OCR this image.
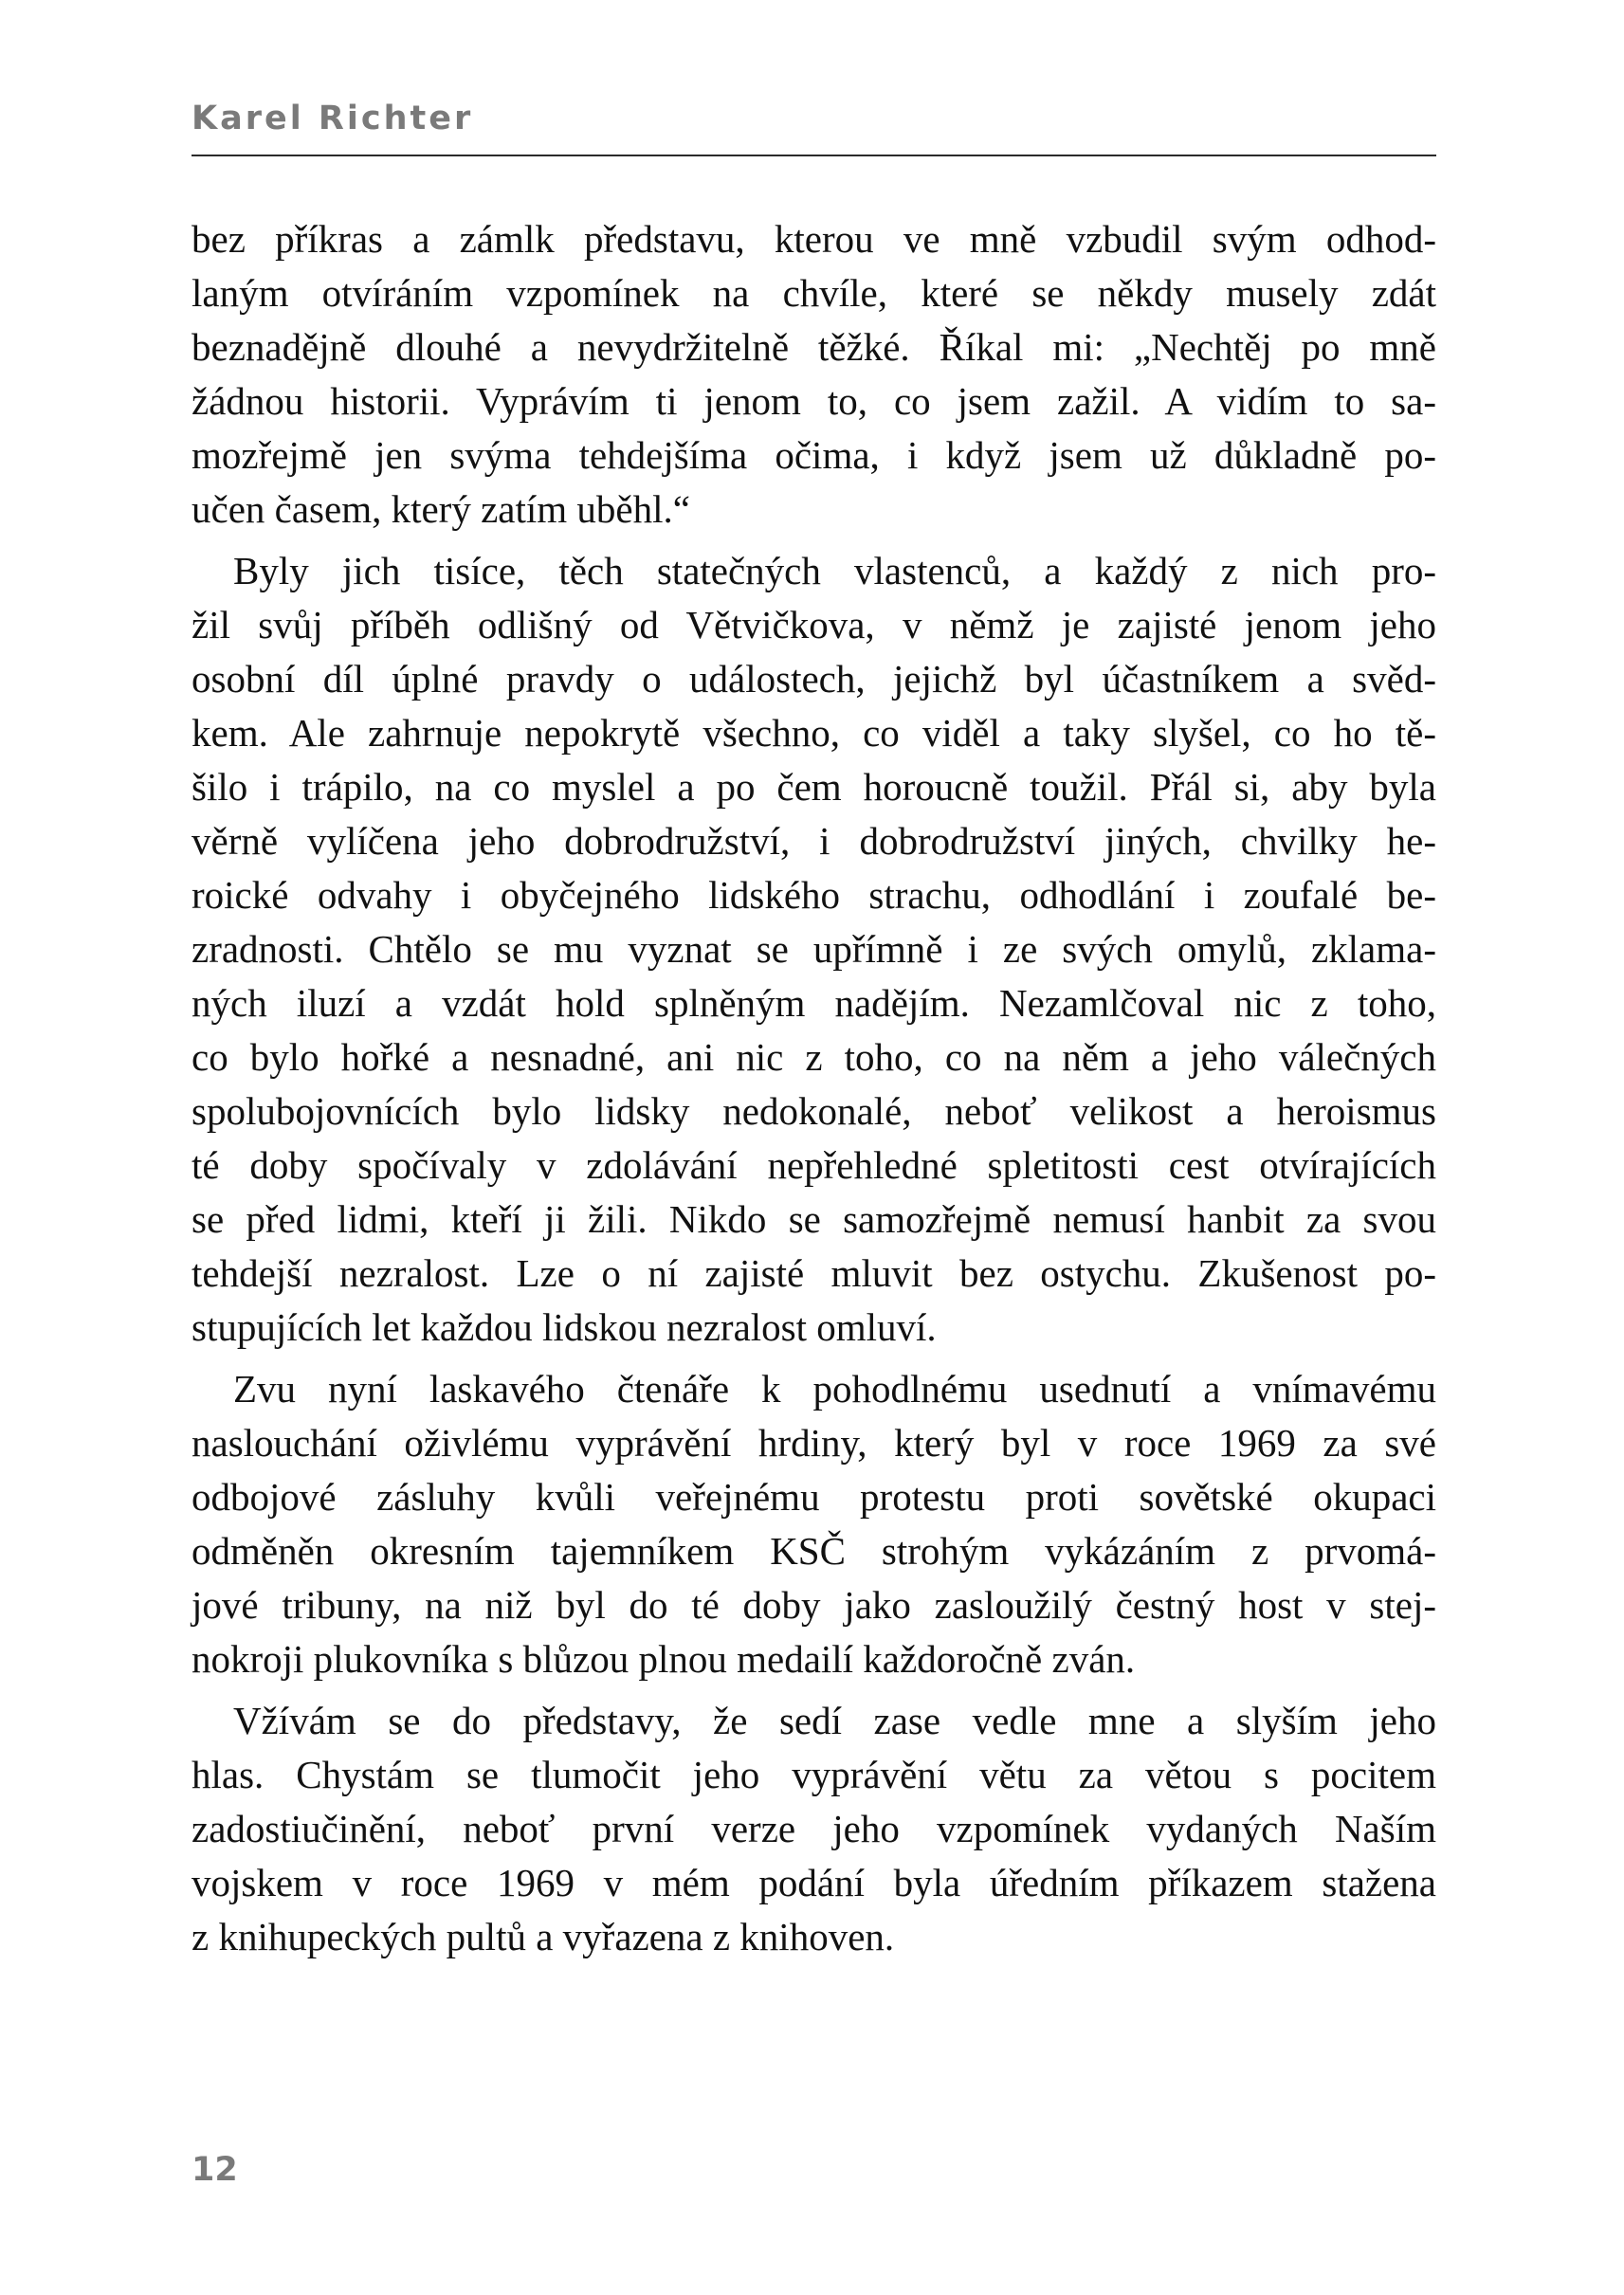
Karel Richter
bez příkras a zámlk představu, kterou ve mně vzbudil svým odhod-
laným otvíráním vzpomínek na chvíle, které se někdy musely zdát
beznadějně dlouhé a nevydržitelně těžké. Říkal mi: „Nechtěj po mně
žádnou historii. Vyprávím ti jenom to, co jsem zažil. A vidím to sa-
mozřejmě jen svýma tehdejšíma očima, i když jsem už důkladně po-
učen časem, který zatím uběhl.“
Byly jich tisíce, těch statečných vlastenců, a každý z nich pro-
žil svůj příběh odlišný od Větvičkova, v němž je zajisté jenom jeho
osobní díl úplné pravdy o událostech, jejichž byl účastníkem a svěd-
kem. Ale zahrnuje nepokrytě všechno, co viděl a taky slyšel, co ho tě-
šilo i trápilo, na co myslel a po čem horoucně toužil. Přál si, aby byla
věrně vylíčena jeho dobrodružství, i dobrodružství jiných, chvilky he-
roické odvahy i obyčejného lidského strachu, odhodlání i zoufalé be-
zradnosti. Chtělo se mu vyznat se upřímně i ze svých omylů, zklama-
ných iluzí a vzdát hold splněným nadějím. Nezamlčoval nic z toho,
co bylo hořké a nesnadné, ani nic z toho, co na něm a jeho válečných
spolubojovnících bylo lidsky nedokonalé, neboť velikost a heroismus
té doby spočívaly v zdolávání nepřehledné spletitosti cest otvírajících
se před lidmi, kteří ji žili. Nikdo se samozřejmě nemusí hanbit za svou
tehdejší nezralost. Lze o ní zajisté mluvit bez ostychu. Zkušenost po-
stupujících let každou lidskou nezralost omluví.
Zvu nyní laskavého čtenáře k pohodlnému usednutí a vnímavému
naslouchání oživlému vyprávění hrdiny, který byl v roce 1969 za své
odbojové zásluhy kvůli veřejnému protestu proti sovětské okupaci
odměněn okresním tajemníkem KSČ strohým vykázáním z prvomá-
jové tribuny, na niž byl do té doby jako zasloužilý čestný host v stej-
nokroji plukovníka s blůzou plnou medailí každoročně zván.
Vžívám se do představy, že sedí zase vedle mne a slyším jeho
hlas. Chystám se tlumočit jeho vyprávění větu za větou s pocitem
zadostiučinění, neboť první verze jeho vzpomínek vydaných Naším
vojskem v roce 1969 v mém podání byla úředním příkazem stažena
z knihupeckých pultů a vyřazena z knihoven.
12
